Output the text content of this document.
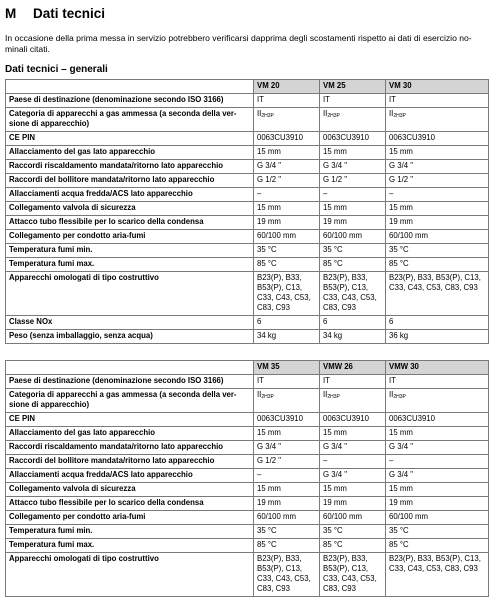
M	Dati tecnici

In occasione della prima messa in servizio potrebbero verificarsi dapprima degli scostamenti rispetto ai dati di esercizio no- minali citati.

Dati tecnici – generali
	VM 20	VM 25	VM 30
Paese di destinazione (denominazione secondo ISO 3166)	IT	IT	IT
Categoria di apparecchi a gas ammessa (a seconda della ver- sione di apparecchio)	$II_{2H3P}$	$II_{2H3P}$	$II_{2H3P}$
CE PIN	0063CU3910	0063CU3910	0063CU3910
Allacciamento del gas lato apparecchio	15 mm	15 mm	15 mm
Raccordi riscaldamento mandata/ritorno lato apparecchio	G 3/4 "	G 3/4 "	G 3/4 "
Raccordi del bollitore mandata/ritorno lato apparecchio	G 1/2 "	G 1/2 "	G 1/2 "
Allacciamenti acqua fredda/ACS lato apparecchio	–	–	–
Collegamento valvola di sicurezza	15 mm	15 mm	15 mm
Attacco tubo flessibile per lo scarico della condensa	19 mm	19 mm	19 mm
Collegamento per condotto aria-fumi	60/100 mm	60/100 mm	60/100 mm
Temperatura fumi min.	35 °C	35 °C	35 °C
Temperatura fumi max.	85 °C	85 °C	85 °C
Apparecchi omologati di tipo costruttivo	B23(P), B33, B53(P), C13, C33, C43, C53, C83, C93	B23(P), B33, B53(P), C13, C33, C43, C53, C83, C93	B23(P), B33, B53(P), C13, C33, C43, C53, C83, C93
Classe NOx	6	6	6
Peso (senza imballaggio, senza acqua)	34 kg	34 kg	36 kg
	VM 35	VMW 26	VMW 30
Paese di destinazione (denominazione secondo ISO 3166)	IT	IT	IT
Categoria di apparecchi a gas ammessa (a seconda della ver- sione di apparecchio)	$II_{2H3P}$	$II_{2H3P}$	$II_{2H3P}$
CE PIN	0063CU3910	0063CU3910	0063CU3910
Allacciamento del gas lato apparecchio	15 mm	15 mm	15 mm
Raccordi riscaldamento mandata/ritorno lato apparecchio	G 3/4 "	G 3/4 "	G 3/4 "
Raccordi del bollitore mandata/ritorno lato apparecchio	G 1/2 "	–	–
Allacciamenti acqua fredda/ACS lato apparecchio	–	G 3/4 "	G 3/4 "
Collegamento valvola di sicurezza	15 mm	15 mm	15 mm
Attacco tubo flessibile per lo scarico della condensa	19 mm	19 mm	19 mm
Collegamento per condotto aria-fumi	60/100 mm	60/100 mm	60/100 mm
Temperatura fumi min.	35 °C	35 °C	35 °C
Temperatura fumi max.	85 °C	85 °C	85 °C
Apparecchi omologati di tipo costruttivo	B23(P), B33, B53(P), C13, C33, C43, C53, C83, C93	B23(P), B33, B53(P), C13, C33, C43, C53, C83, C93	B23(P), B33, B53(P), C13, C33, C43, C53, C83, C93
